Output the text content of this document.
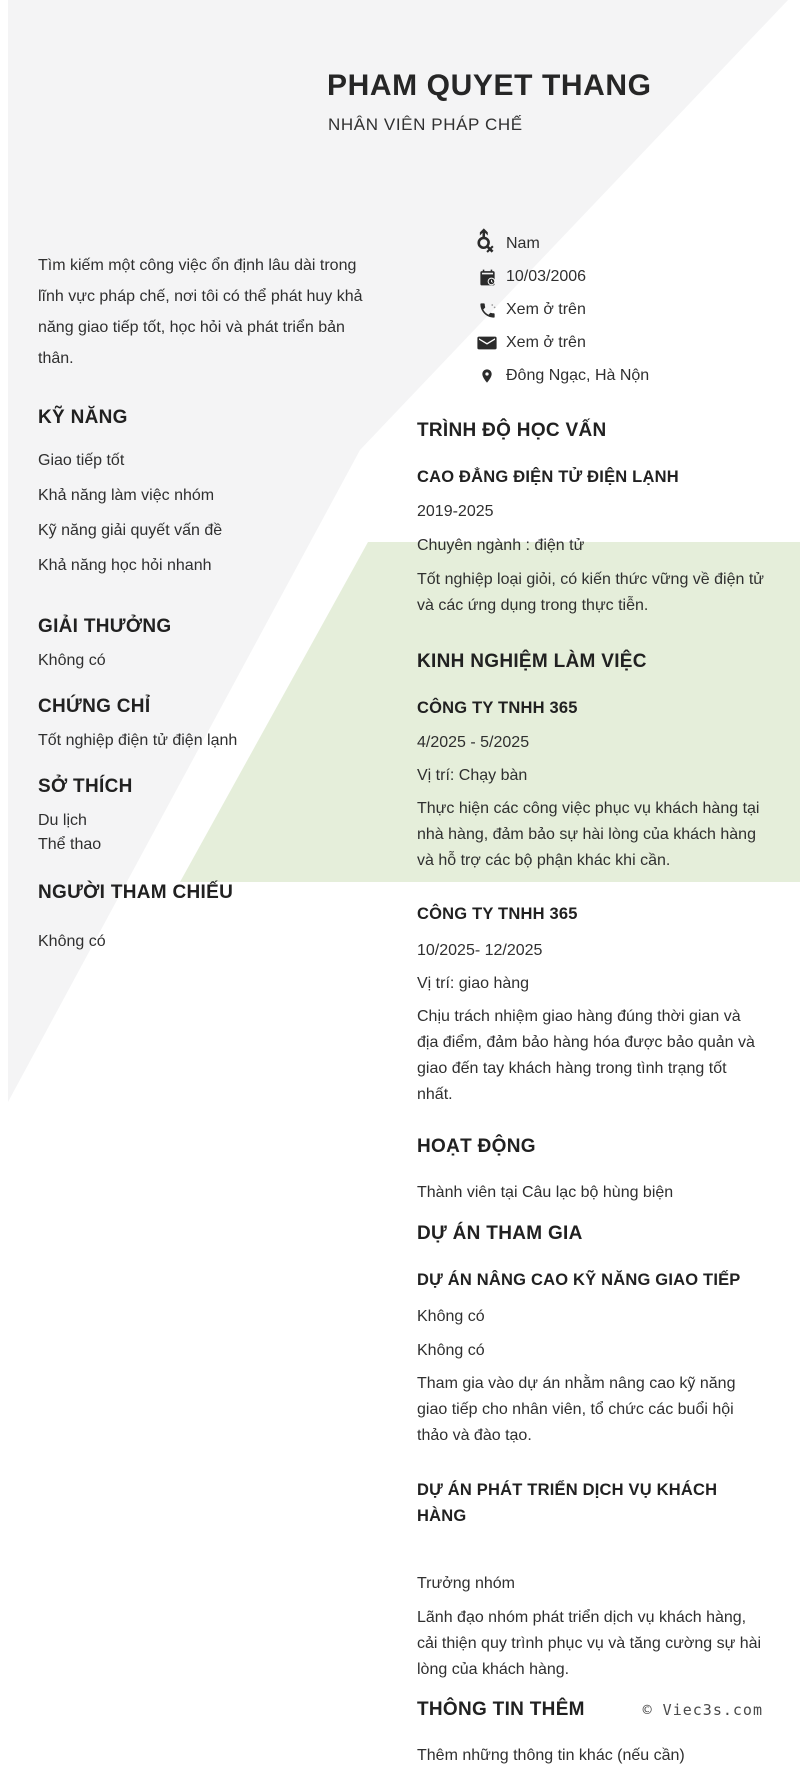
PHAM QUYET THANG
NHÂN VIÊN PHÁP CHẾ
Tìm kiếm một công việc ổn định lâu dài trong lĩnh vực pháp chế, nơi tôi có thể phát huy khả năng giao tiếp tốt, học hỏi và phát triển bản thân.
⚥ Nam
10/03/2006
Xem ở trên
Xem ở trên
Đông Ngạc, Hà Nộn
KỸ NĂNG
Giao tiếp tốt
Khả năng làm việc nhóm
Kỹ năng giải quyết vấn đề
Khả năng học hỏi nhanh
GIẢI THƯỞNG
Không có
CHỨNG CHỈ
Tốt nghiệp điện tử điện lạnh
SỞ THÍCH
Du lịch
Thể thao
NGƯỜI THAM CHIẾU
Không có
TRÌNH ĐỘ HỌC VẤN
CAO ĐẲNG ĐIỆN TỬ ĐIỆN LẠNH
2019-2025
Chuyên ngành : điện tử
Tốt nghiệp loại giỏi, có kiến thức vững về điện tử và các ứng dụng trong thực tiễn.
KINH NGHIỆM LÀM VIỆC
CÔNG TY TNHH 365
4/2025 - 5/2025
Vị trí: Chạy bàn
Thực hiện các công việc phục vụ khách hàng tại nhà hàng, đảm bảo sự hài lòng của khách hàng và hỗ trợ các bộ phận khác khi cần.
CÔNG TY TNHH 365
10/2025- 12/2025
Vị trí: giao hàng
Chịu trách nhiệm giao hàng đúng thời gian và địa điểm, đảm bảo hàng hóa được bảo quản và giao đến tay khách hàng trong tình trạng tốt nhất.
HOẠT ĐỘNG
Thành viên tại Câu lạc bộ hùng biện
DỰ ÁN THAM GIA
DỰ ÁN NÂNG CAO KỸ NĂNG GIAO TIẾP
Không có
Không có
Tham gia vào dự án nhằm nâng cao kỹ năng giao tiếp cho nhân viên, tổ chức các buổi hội thảo và đào tạo.
DỰ ÁN PHÁT TRIỂN DỊCH VỤ KHÁCH HÀNG
Trưởng nhóm
Lãnh đạo nhóm phát triển dịch vụ khách hàng, cải thiện quy trình phục vụ và tăng cường sự hài lòng của khách hàng.
THÔNG TIN THÊM
Thêm những thông tin khác (nếu cần)
© Viec3s.com
